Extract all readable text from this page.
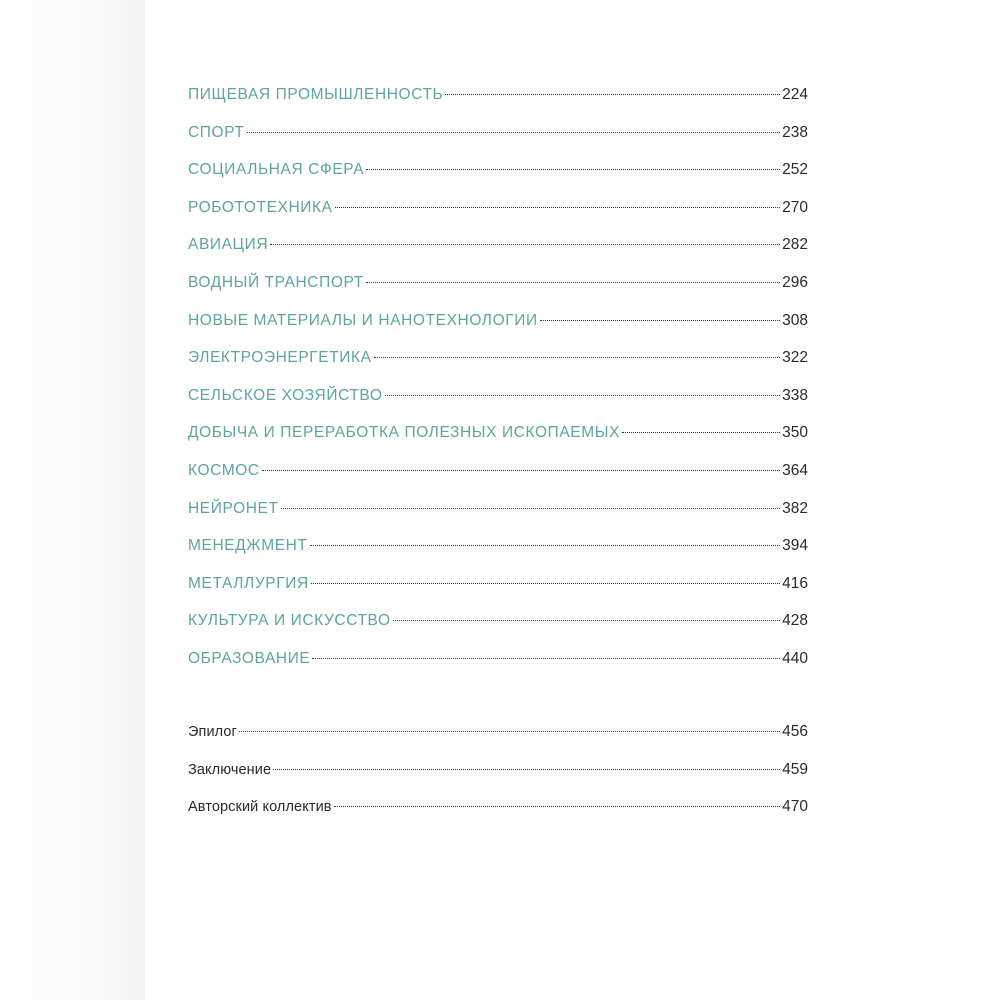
ПИЩЕВАЯ ПРОМЫШЛЕННОСТЬ	224
СПОРТ	238
СОЦИАЛЬНАЯ СФЕРА	252
РОБОТОТЕХНИКА	270
АВИАЦИЯ	282
ВОДНЫЙ ТРАНСПОРТ	296
НОВЫЕ МАТЕРИАЛЫ И НАНОТЕХНОЛОГИИ	308
ЭЛЕКТРОЭНЕРГЕТИКА	322
СЕЛЬСКОЕ ХОЗЯЙСТВО	338
ДОБЫЧА И ПЕРЕРАБОТКА ПОЛЕЗНЫХ ИСКОПАЕМЫХ	350
КОСМОС	364
НЕЙРОНЕТ	382
МЕНЕДЖМЕНТ	394
МЕТАЛЛУРГИЯ	416
КУЛЬТУРА И ИСКУССТВО	428
ОБРАЗОВАНИЕ	440
Эпилог	456
Заключение	459
Авторский коллектив	470
